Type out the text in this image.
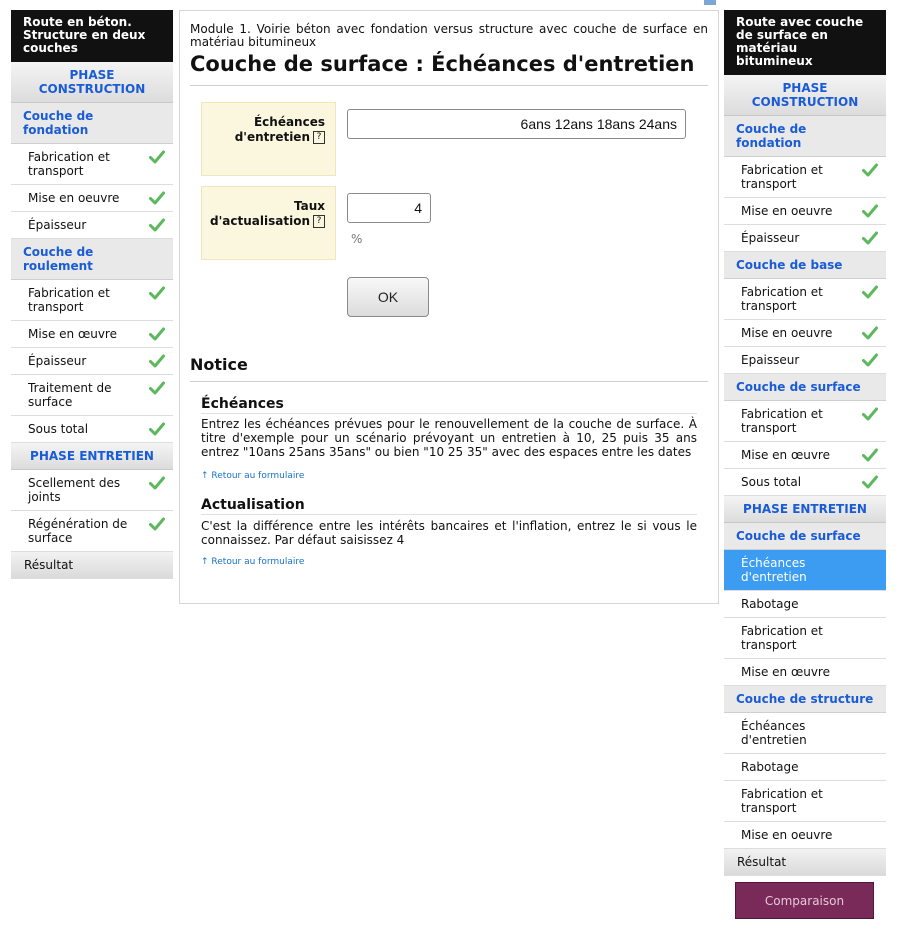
Route en béton. Structure en deux couches
PHASE CONSTRUCTION
Couche de fondation
Fabrication et transport
Mise en oeuvre
Épaisseur
Couche de roulement
Fabrication et transport
Mise en œuvre
Épaisseur
Traitement de surface
Sous total
PHASE ENTRETIEN
Scellement des joints
Régénération de surface
Résultat
Module 1. Voirie béton avec fondation versus structure avec couche de surface en matériau bitumineux
Couche de surface : Échéances d'entretien
Échéances d'entretien ?
6ans 12ans 18ans 24ans
Taux d'actualisation ?
4
%
OK
Notice
Échéances
Entrez les échéances prévues pour le renouvellement de la couche de surface. À titre d'exemple pour un scénario prévoyant un entretien à 10, 25 puis 35 ans entrez "10ans 25ans 35ans" ou bien "10 25 35" avec des espaces entre les dates
↑ Retour au formulaire
Actualisation
C'est la différence entre les intérêts bancaires et l'inflation, entrez le si vous le connaissez. Par défaut saisissez 4
↑ Retour au formulaire
Route avec couche de surface en matériau bitumineux
PHASE CONSTRUCTION
Couche de fondation
Fabrication et transport
Mise en oeuvre
Épaisseur
Couche de base
Fabrication et transport
Mise en oeuvre
Epaisseur
Couche de surface
Fabrication et transport
Mise en œuvre
Sous total
PHASE ENTRETIEN
Couche de surface
Échéances d'entretien
Rabotage
Fabrication et transport
Mise en œuvre
Couche de structure
Échéances d'entretien
Rabotage
Fabrication et transport
Mise en oeuvre
Résultat
Comparaison
